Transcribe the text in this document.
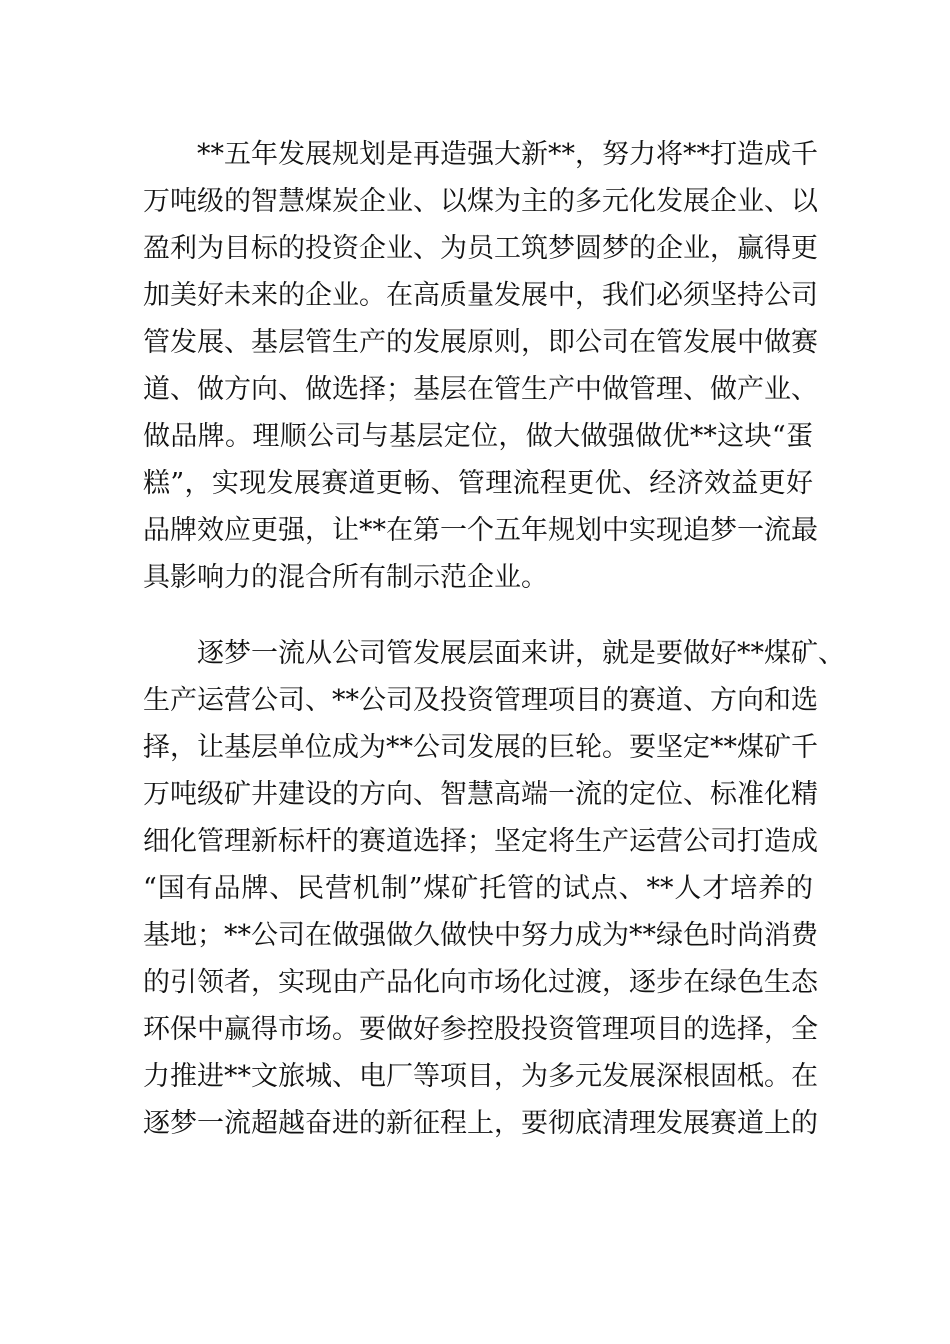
**五年发展规划是再造强大新**，努力将**打造成千
万吨级的智慧煤炭企业、以煤为主的多元化发展企业、以
盈利为目标的投资企业、为员工筑梦圆梦的企业，赢得更
加美好未来的企业。在高质量发展中，我们必须坚持公司
管发展、基层管生产的发展原则，即公司在管发展中做赛
道、做方向、做选择；基层在管生产中做管理、做产业、
做品牌。理顺公司与基层定位，做大做强做优**这块“蛋
糕”，实现发展赛道更畅、管理流程更优、经济效益更好
品牌效应更强，让**在第一个五年规划中实现追梦一流最
具影响力的混合所有制示范企业。
逐梦一流从公司管发展层面来讲，就是要做好**煤矿、
生产运营公司、**公司及投资管理项目的赛道、方向和选
择，让基层单位成为**公司发展的巨轮。要坚定**煤矿千
万吨级矿井建设的方向、智慧高端一流的定位、标准化精
细化管理新标杆的赛道选择；坚定将生产运营公司打造成
“国有品牌、民营机制”煤矿托管的试点、**人才培养的
基地；**公司在做强做久做快中努力成为**绿色时尚消费
的引领者，实现由产品化向市场化过渡，逐步在绿色生态
环保中赢得市场。要做好参控股投资管理项目的选择，全
力推进**文旅城、电厂等项目，为多元发展深根固柢。在
逐梦一流超越奋进的新征程上，要彻底清理发展赛道上的
